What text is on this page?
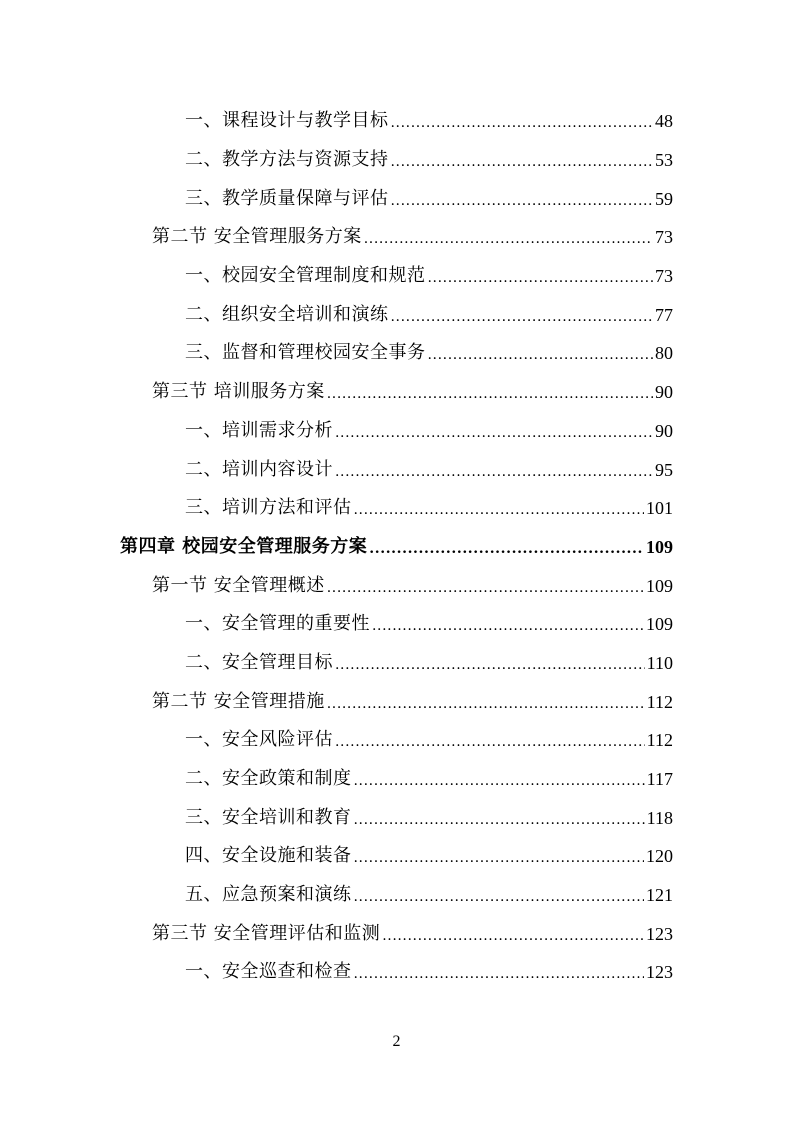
一、课程设计与教学目标 .....	48
二、教学方法与资源支持 .....	53
三、教学质量保障与评估 .....	59
第二节 安全管理服务方案 .....	73
一、校园安全管理制度和规范 .....	73
二、组织安全培训和演练 .....	77
三、监督和管理校园安全事务 .....	80
第三节 培训服务方案 .....	90
一、培训需求分析 .....	90
二、培训内容设计 .....	95
三、培训方法和评估 .....	101
第四章 校园安全管理服务方案 .....	109
第一节 安全管理概述 .....	109
一、安全管理的重要性 .....	109
二、安全管理目标 .....	110
第二节 安全管理措施 .....	112
一、安全风险评估 .....	112
二、安全政策和制度 .....	117
三、安全培训和教育 .....	118
四、安全设施和装备 .....	120
五、应急预案和演练 .....	121
第三节 安全管理评估和监测 .....	123
一、安全巡查和检查 .....	123
2
